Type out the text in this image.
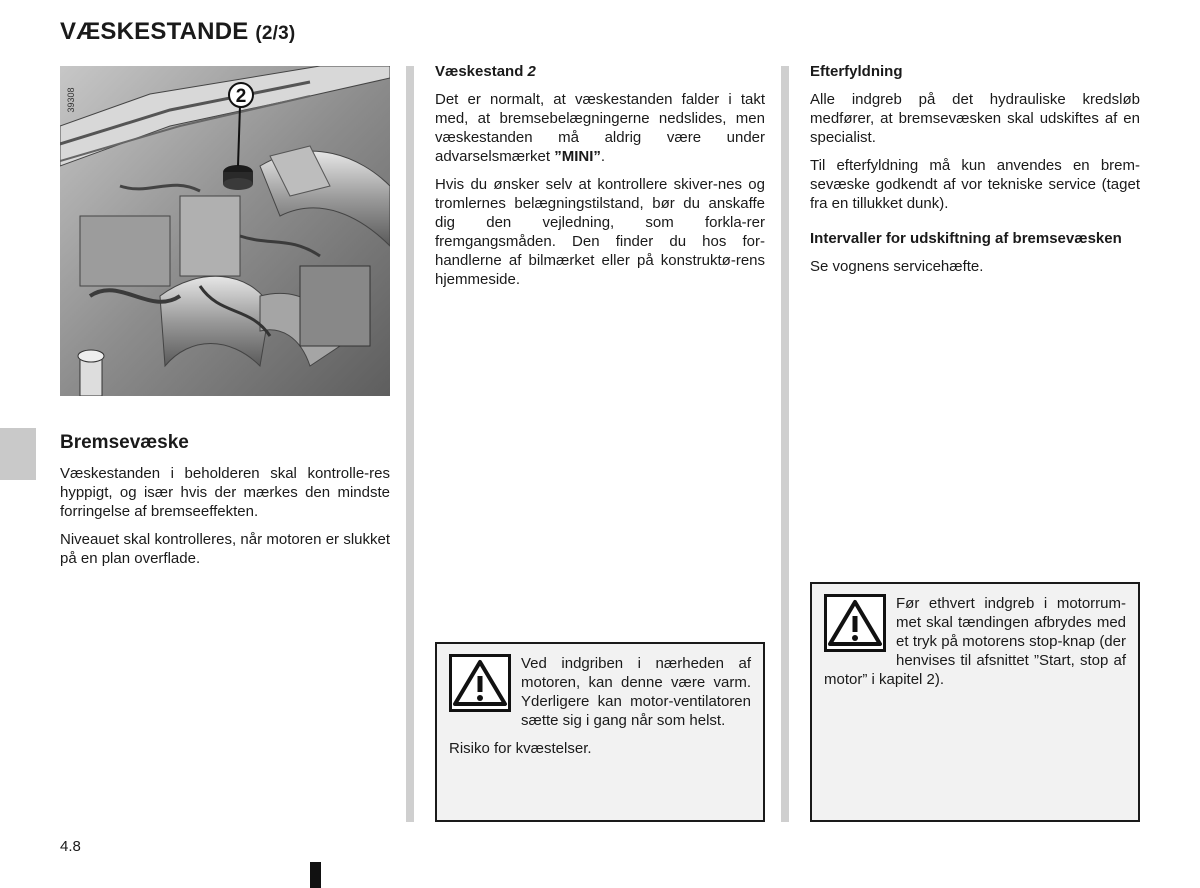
VÆSKESTANDE (2/3)
2
39308
Bremsevæske

Væskestanden i beholderen skal kontrolle-res hyppigt, og især hvis der mærkes den mindste forringelse af bremseeffekten.

Niveauet skal kontrolleres, når motoren er slukket på en plan overflade.

Væskestand 2

Det er normalt, at væskestanden falder i takt med, at bremsebelægningerne nedslides, men væskestanden må aldrig være under advarselsmærket ”MINI”.

Hvis du ønsker selv at kontrollere skiver-nes og tromlernes belægningstilstand, bør du anskaffe dig den vejledning, som forkla-rer fremgangsmåden. Den finder du hos for-handlerne af bilmærket eller på konstruktø-rens hjemmeside.

Efterfyldning

Alle indgreb på det hydrauliske kredsløb medfører, at bremsevæsken skal udskiftes af en specialist.

Til efterfyldning må kun anvendes en brem-sevæske godkendt af vor tekniske service (taget fra en tillukket dunk).

Intervaller for udskiftning af bremsevæsken

Se vognens servicehæfte.

Ved indgriben i nærheden af motoren, kan denne være varm. Yderligere kan motor-ventilatoren sætte sig i gang når som helst.

Risiko for kvæstelser.

Før ethvert indgreb i motorrum-met skal tændingen afbrydes med et tryk på motorens stop-knap (der henvises til afsnittet ”Start, stop af motor” i kapitel 2).

4.8
